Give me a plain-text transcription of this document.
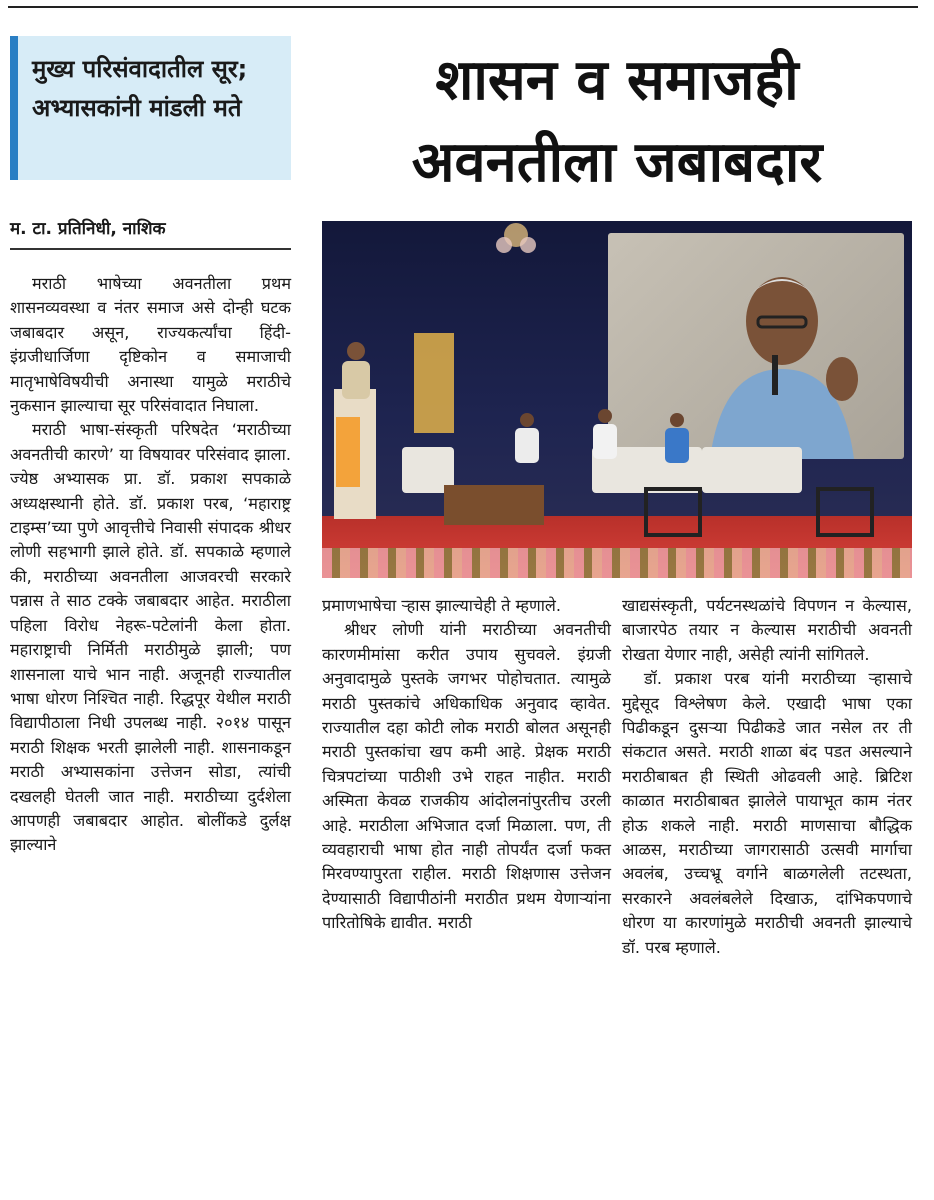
मुख्य परिसंवादातील सूर; अभ्यासकांनी मांडली मते	शासन व समाजही
अवनतीला जबाबदार
म. टा. प्रतिनिधी, नाशिक

मराठी भाषेच्या अवनतीला प्रथम शासनव्यवस्था व नंतर समाज असे दोन्ही घटक जबाबदार असून, राज्यकर्त्यांचा हिंदी-इंग्रजीधार्जिणा दृष्टिकोन व समाजाची मातृभाषेविषयीची अनास्था यामुळे मराठीचे नुकसान झाल्याचा सूर परिसंवादात निघाला.

मराठी भाषा-संस्कृती परिषदेत ‘मराठीच्या अवनतीची कारणे’ या विषयावर परिसंवाद झाला. ज्येष्ठ अभ्यासक प्रा. डॉ. प्रकाश सपकाळे अध्यक्षस्थानी होते. डॉ. प्रकाश परब, ‘महाराष्ट्र टाइम्स’च्या पुणे आवृत्तीचे निवासी संपादक श्रीधर लोणी सहभागी झाले होते. डॉ. सपकाळे म्हणाले की, मराठीच्या अवनतीला आजवरची सरकारे पन्नास ते साठ टक्के जबाबदार आहेत. मराठीला पहिला विरोध नेहरू-पटेलांनी केला होता. महाराष्ट्राची निर्मिती मराठीमुळे झाली; पण शासनाला याचे भान नाही. अजूनही राज्यातील भाषा धोरण निश्चित नाही. रिद्धपूर येथील मराठी विद्यापीठाला निधी उपलब्ध नाही. २०१४ पासून मराठी शिक्षक भरती झालेली नाही. शासनाकडून मराठी अभ्यासकांना उत्तेजन सोडा, त्यांची दखलही घेतली जात नाही. मराठीच्या दुर्दशेला आपणही जबाबदार आहोत. बोलींकडे दुर्लक्ष झाल्याने

प्रमाणभाषेचा ऱ्हास झाल्याचेही ते म्हणाले.

श्रीधर लोणी यांनी मराठीच्या अवनतीची कारणमीमांसा करीत उपाय सुचवले. इंग्रजी अनुवादामुळे पुस्तके जगभर पोहोचतात. त्यामुळे मराठी पुस्तकांचे अधिकाधिक अनुवाद व्हावेत. राज्यातील दहा कोटी लोक मराठी बोलत असूनही मराठी पुस्तकांचा खप कमी आहे. प्रेक्षक मराठी चित्रपटांच्या पाठीशी उभे राहत नाहीत. मराठी अस्मिता केवळ राजकीय आंदोलनांपुरतीच उरली आहे. मराठीला अभिजात दर्जा मिळाला. पण, ती व्यवहाराची भाषा होत नाही तोपर्यंत दर्जा फक्त मिरवण्यापुरता राहील. मराठी शिक्षणास उत्तेजन देण्यासाठी विद्यापीठांनी मराठीत प्रथम येणाऱ्यांना पारितोषिके द्यावीत. मराठी

खाद्यसंस्कृती, पर्यटनस्थळांचे विपणन न केल्यास, बाजारपेठ तयार न केल्यास मराठीची अवनती रोखता येणार नाही, असेही त्यांनी सांगितले.

डॉ. प्रकाश परब यांनी मराठीच्या ऱ्हासाचे मुद्देसूद विश्लेषण केले. एखादी भाषा एका पिढीकडून दुसऱ्या पिढीकडे जात नसेल तर ती संकटात असते. मराठी शाळा बंद पडत असल्याने मराठीबाबत ही स्थिती ओढवली आहे. ब्रिटिश काळात मराठीबाबत झालेले पायाभूत काम नंतर होऊ शकले नाही. मराठी माणसाचा बौद्धिक आळस, मराठीच्या जागरासाठी उत्सवी मार्गाचा अवलंब, उच्चभ्रू वर्गाने बाळगलेली तटस्थता, सरकारने अवलंबलेले दिखाऊ, दांभिकपणाचे धोरण या कारणांमुळे मराठीची अवनती झाल्याचे डॉ. परब म्हणाले.
